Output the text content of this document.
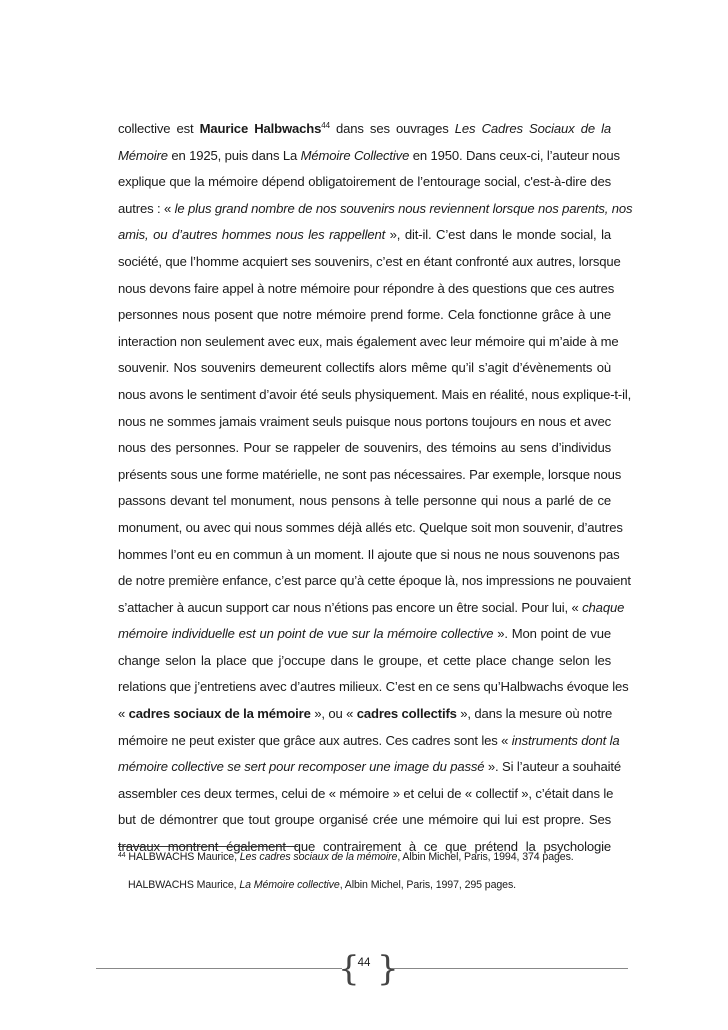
collective est Maurice Halbwachs$^{44}$ dans ses ouvrages Les Cadres Sociaux de la
Mémoire en 1925, puis dans La Mémoire Collective en 1950. Dans ceux-ci, l’auteur nous
explique que la mémoire dépend obligatoirement de l’entourage social, c'est-à-dire des
autres : « le plus grand nombre de nos souvenirs nous reviennent lorsque nos parents, nos
amis, ou d’autres hommes nous les rappellent », dit-il. C’est dans le monde social, la
société, que l’homme acquiert ses souvenirs, c’est en étant confronté aux autres, lorsque
nous devons faire appel à notre mémoire pour répondre à des questions que ces autres
personnes nous posent que notre mémoire prend forme. Cela fonctionne grâce à une
interaction non seulement avec eux, mais également avec leur mémoire qui m’aide à me
souvenir. Nos souvenirs demeurent collectifs alors même qu’il s’agit d’évènements où
nous avons le sentiment d’avoir été seuls physiquement. Mais en réalité, nous explique-t-il,
nous ne sommes jamais vraiment seuls puisque nous portons toujours en nous et avec
nous des personnes. Pour se rappeler de souvenirs, des témoins au sens d’individus
présents sous une forme matérielle, ne sont pas nécessaires. Par exemple, lorsque nous
passons devant tel monument, nous pensons à telle personne qui nous a parlé de ce
monument, ou avec qui nous sommes déjà allés etc. Quelque soit mon souvenir, d’autres
hommes l’ont eu en commun à un moment. Il ajoute que si nous ne nous souvenons pas
de notre première enfance, c’est parce qu’à cette époque là, nos impressions ne pouvaient
s’attacher à aucun support car nous n’étions pas encore un être social. Pour lui, « chaque
mémoire individuelle est un point de vue sur la mémoire collective ». Mon point de vue
change selon la place que j’occupe dans le groupe, et cette place change selon les
relations que j’entretiens avec d’autres milieux. C’est en ce sens qu’Halbwachs évoque les
« cadres sociaux de la mémoire », ou « cadres collectifs », dans la mesure où notre
mémoire ne peut exister que grâce aux autres. Ces cadres sont les « instruments dont la
mémoire collective se sert pour recomposer une image du passé ». Si l’auteur a souhaité
assembler ces deux termes, celui de « mémoire » et celui de « collectif », c’était dans le
but de démontrer que tout groupe organisé crée une mémoire qui lui est propre. Ses
travaux montrent également que contrairement à ce que prétend la psychologie
$^{44}$ HALBWACHS Maurice, Les cadres sociaux de la mémoire, Albin Michel, Paris, 1994, 374 pages.
HALBWACHS Maurice, La Mémoire collective, Albin Michel, Paris, 1997, 295 pages.
{
44 }
